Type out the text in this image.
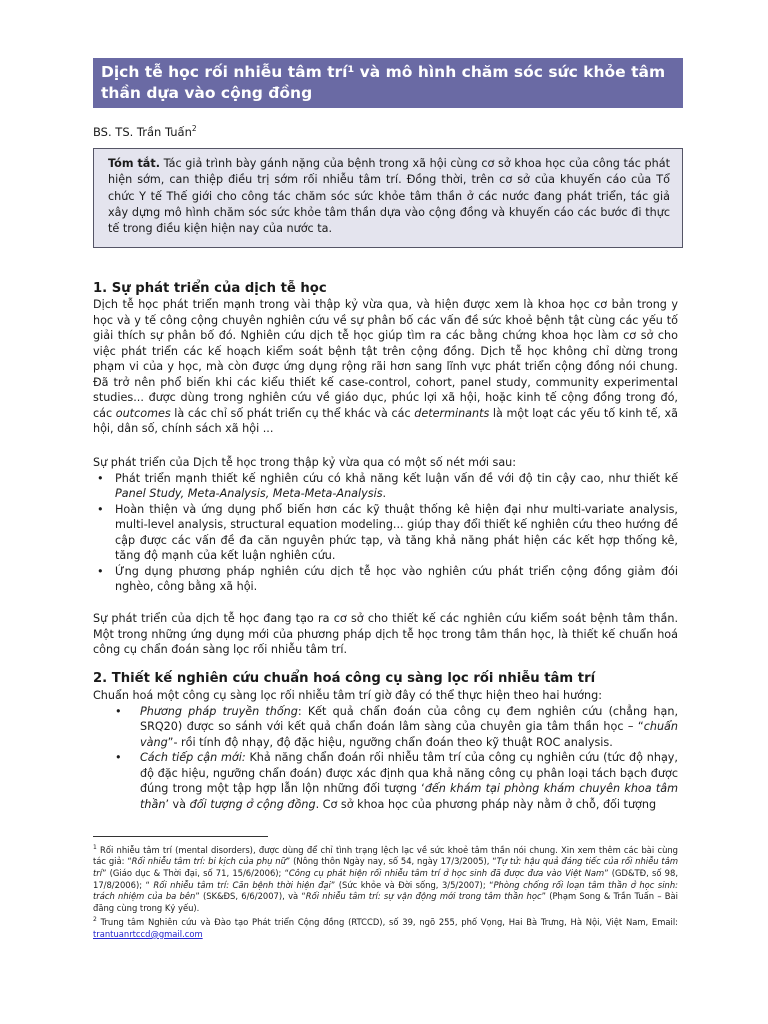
Dịch tễ học rối nhiễu tâm trí¹ và mô hình chăm sóc sức khỏe tâm thần dựa vào cộng đồng
BS. TS. Trần Tuấn$^2$
Tóm tắt. Tác giả trình bày gánh nặng của bệnh trong xã hội cùng cơ sở khoa học của công tác phát hiện sớm, can thiệp điều trị sớm rối nhiễu tâm trí. Đồng thời, trên cơ sở của khuyến cáo của Tổ chức Y tế Thế giới cho công tác chăm sóc sức khỏe tâm thần ở các nước đang phát triển, tác giả xây dựng mô hình chăm sóc sức khỏe tâm thần dựa vào cộng đồng và khuyến cáo các bước đi thực tế trong điều kiện hiện nay của nước ta.
1. Sự phát triển của dịch tễ học
Dịch tễ học phát triển mạnh trong vài thập kỷ vừa qua, và hiện được xem là khoa học cơ bản trong y học và y tế công cộng chuyên nghiên cứu về sự phân bố các vấn đề sức khoẻ bệnh tật cùng các yếu tố giải thích sự phân bố đó. Nghiên cứu dịch tễ học giúp tìm ra các bằng chứng khoa học làm cơ sở cho việc phát triển các kế hoạch kiểm soát bệnh tật trên cộng đồng. Dịch tễ học không chỉ dừng trong phạm vi của y học, mà còn được ứng dụng rộng rãi hơn sang lĩnh vực phát triển cộng đồng nói chung. Đã trở nên phổ biến khi các kiểu thiết kế case-control, cohort, panel study, community experimental studies... được dùng trong nghiên cứu về giáo dục, phúc lợi xã hội, hoặc kinh tế cộng đồng trong đó, các outcomes là các chỉ số phát triển cụ thể khác và các determinants là một loạt các yếu tố kinh tế, xã hội, dân số, chính sách xã hội ...
Sự phát triển của Dịch tễ học trong thập kỷ vừa qua có một số nét mới sau:
• Phát triển mạnh thiết kế nghiên cứu có khả năng kết luận vấn đề với độ tin cậy cao, như thiết kế Panel Study, Meta-Analysis, Meta-Meta-Analysis.
• Hoàn thiện và ứng dụng phổ biến hơn các kỹ thuật thống kê hiện đại như multi-variate analysis, multi-level analysis, structural equation modeling... giúp thay đổi thiết kế nghiên cứu theo hướng đề cập được các vấn đề đa căn nguyên phức tạp, và tăng khả năng phát hiện các kết hợp thống kê, tăng độ mạnh của kết luận nghiên cứu.
• Ứng dụng phương pháp nghiên cứu dịch tễ học vào nghiên cứu phát triển cộng đồng giảm đói nghèo, công bằng xã hội.
Sự phát triển của dịch tễ học đang tạo ra cơ sở cho thiết kế các nghiên cứu kiểm soát bệnh tâm thần. Một trong những ứng dụng mới của phương pháp dịch tễ học trong tâm thần học, là thiết kế chuẩn hoá công cụ chẩn đoán sàng lọc rối nhiễu tâm trí.
2. Thiết kế nghiên cứu chuẩn hoá công cụ sàng lọc rối nhiễu tâm trí
Chuẩn hoá một công cụ sàng lọc rối nhiễu tâm trí giờ đây có thể thực hiện theo hai hướng:
• Phương pháp truyền thống: Kết quả chẩn đoán của công cụ đem nghiên cứu (chẳng hạn, SRQ20) được so sánh với kết quả chẩn đoán lâm sàng của chuyên gia tâm thần học – “chuẩn vàng”- rồi tính độ nhạy, độ đặc hiệu, ngưỡng chẩn đoán theo kỹ thuật ROC analysis.
• Cách tiếp cận mới: Khả năng chẩn đoán rối nhiễu tâm trí của công cụ nghiên cứu (tức độ nhạy, độ đặc hiệu, ngưỡng chẩn đoán) được xác định qua khả năng công cụ phân loại tách bạch được đúng trong một tập hợp lẫn lộn những đối tượng ‘đến khám tại phòng khám chuyên khoa tâm thần’ và đối tượng ở cộng đồng. Cơ sở khoa học của phương pháp này nằm ở chỗ, đối tượng
$^1$ Rối nhiễu tâm trí (mental disorders), được dùng để chỉ tình trạng lệch lạc về sức khoẻ tâm thần nói chung. Xin xem thêm các bài cùng tác giả: “Rối nhiễu tâm trí: bi kịch của phụ nữ” (Nông thôn Ngày nay, số 54, ngày 17/3/2005), “Tự tử: hậu quả đáng tiếc của rối nhiễu tâm trí” (Giáo dục & Thời đại, số 71, 15/6/2006); “Công cụ phát hiện rối nhiễu tâm trí ở học sinh đã được đưa vào Việt Nam” (GD&TĐ, số 98, 17/8/2006); “ Rối nhiễu tâm trí: Căn bệnh thời hiện đại” (Sức khỏe và Đời sống, 3/5/2007); “Phòng chống rối loạn tâm thần ở học sinh: trách nhiệm của ba bên” (SK&ĐS, 6/6/2007), và “Rối nhiễu tâm trí: sự vận động mới trong tâm thần học” (Phạm Song & Trần Tuấn – Bài đăng cùng trong Kỷ yếu).
$^2$ Trung tâm Nghiên cứu và Đào tạo Phát triển Cộng đồng (RTCCD), số 39, ngõ 255, phố Vọng, Hai Bà Trưng, Hà Nội, Việt Nam, Email: trantuanrtccd@gmail.com
